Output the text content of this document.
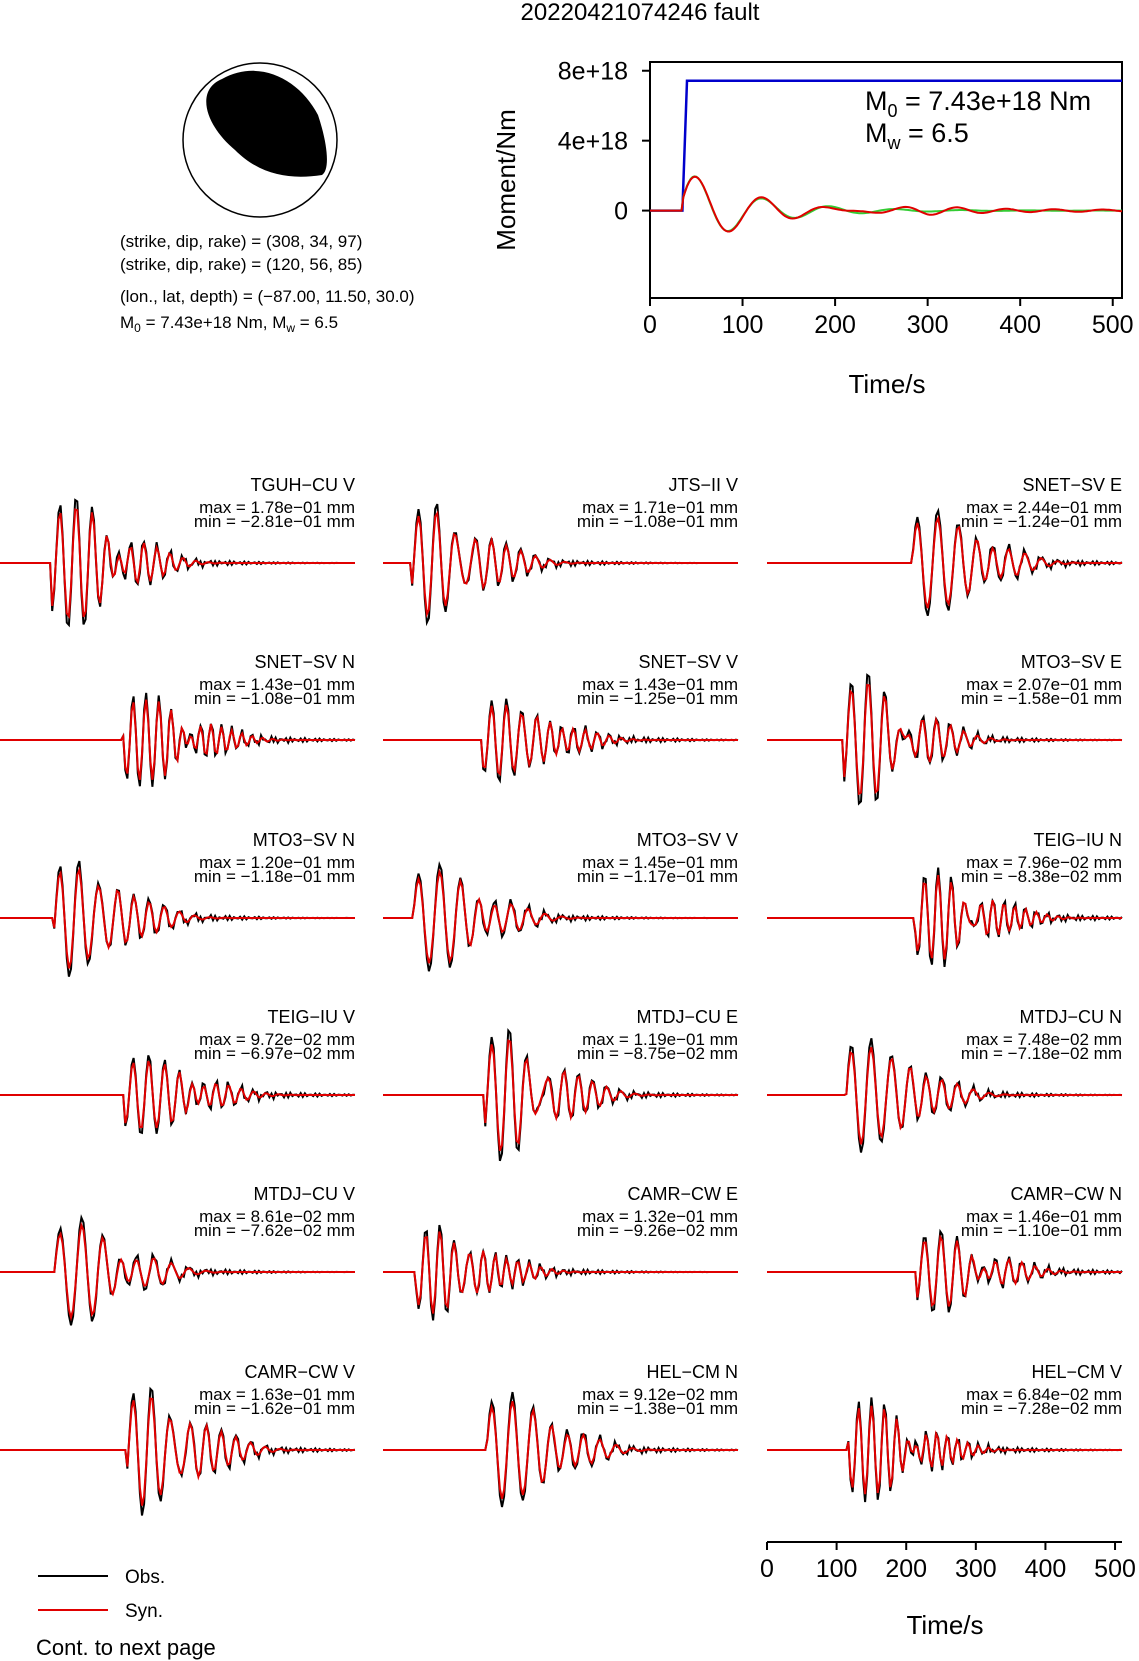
20220421074246 fault
(strike, dip, rake) = (308, 34, 97)
(strike, dip, rake) = (120, 56, 85)
(lon., lat, depth) = (−87.00, 11.50, 30.0)
$M_0 = 7.43e+18$ Nm, $M_w = 6.5$
8e+18
4e+18
0
0	100 200 300 400 500
Moment/Nm
Time/s
$M_0 = 7.43e+18$ Nm
$M_w = 6.5$
TGUH−CU V
max = 1.78e−01 mm
min = −2.81e−01 mm
JTS−II V
max = 1.71e−01 mm
min = −1.08e−01 mm
SNET−SV E
max = 2.44e−01 mm
min = −1.24e−01 mm
SNET−SV N
max = 1.43e−01 mm
min = −1.08e−01 mm
SNET−SV V
max = 1.43e−01 mm
min = −1.25e−01 mm
MTO3−SV E
max = 2.07e−01 mm
min = −1.58e−01 mm
MTO3−SV N
max = 1.20e−01 mm
min = −1.18e−01 mm
MTO3−SV V
max = 1.45e−01 mm
min = −1.17e−01 mm
TEIG−IU N
max = 7.96e−02 mm
min = −8.38e−02 mm
TEIG−IU V
max = 9.72e−02 mm
min = −6.97e−02 mm
MTDJ−CU E
max = 1.19e−01 mm
min = −8.75e−02 mm
MTDJ−CU N
max = 7.48e−02 mm
min = −7.18e−02 mm
MTDJ−CU V
max = 8.61e−02 mm
min = −7.62e−02 mm
CAMR−CW E
max = 1.32e−01 mm
min = −9.26e−02 mm
CAMR−CW N
max = 1.46e−01 mm
min = −1.10e−01 mm
CAMR−CW V
max = 1.63e−01 mm
min = −1.62e−01 mm
HEL−CM N
max = 9.12e−02 mm
min = −1.38e−01 mm
HEL−CM V
max = 6.84e−02 mm
min = −7.28e−02 mm
Time/s
0 100 200 300 400 500
Obs.
Syn.
Cont. to next page
